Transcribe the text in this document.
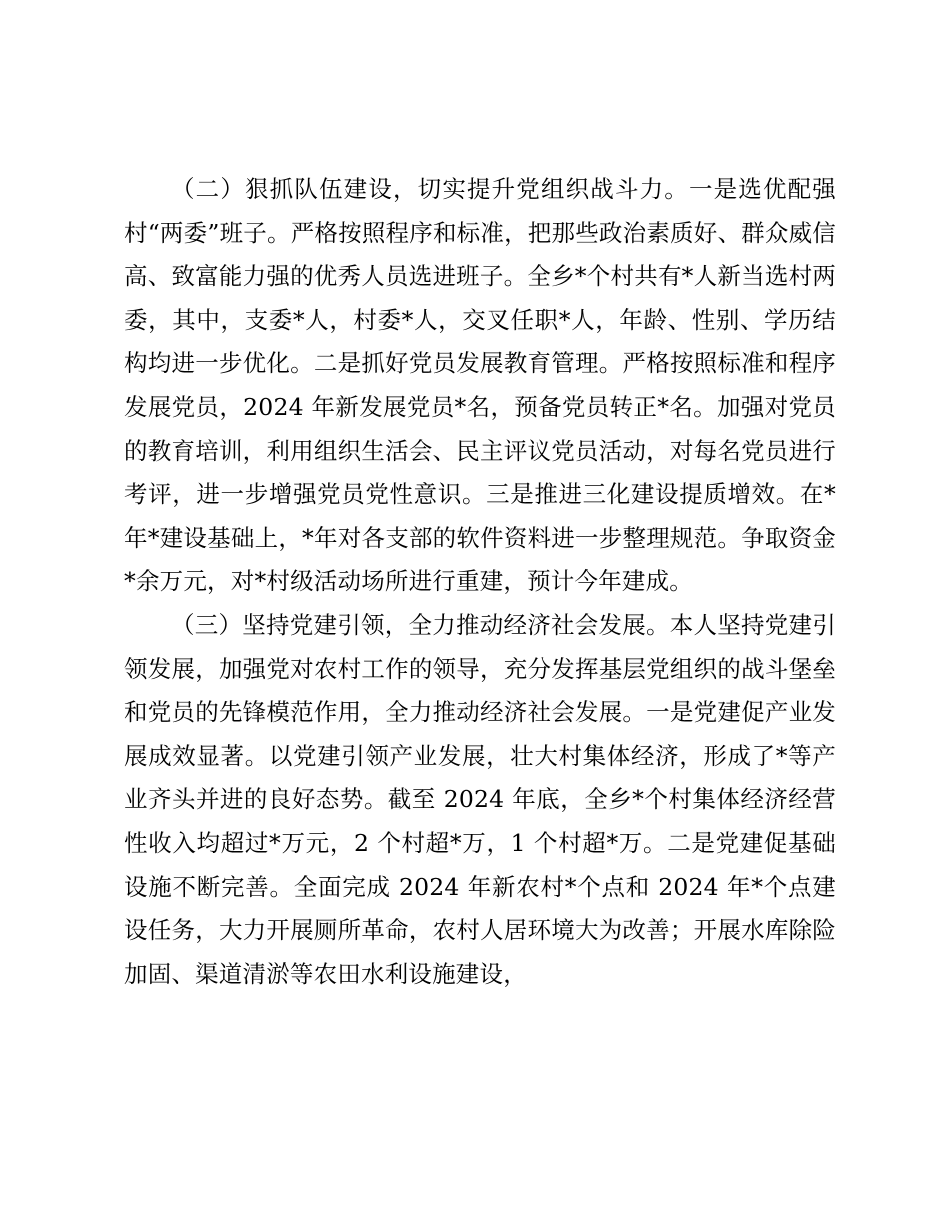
（二）狠抓队伍建设，切实提升党组织战斗力。一是选优配强村“两委”班子。严格按照程序和标准，把那些政治素质好、群众威信高、致富能力强的优秀人员选进班子。全乡*个村共有*人新当选村两委，其中，支委*人，村委*人，交叉任职*人，年龄、性别、学历结构均进一步优化。二是抓好党员发展教育管理。严格按照标准和程序发展党员，2024 年新发展党员*名，预备党员转正*名。加强对党员的教育培训，利用组织生活会、民主评议党员活动，对每名党员进行考评，进一步增强党员党性意识。三是推进三化建设提质增效。在*年*建设基础上，*年对各支部的软件资料进一步整理规范。争取资金*余万元，对*村级活动场所进行重建，预计今年建成。

（三）坚持党建引领，全力推动经济社会发展。本人坚持党建引领发展，加强党对农村工作的领导，充分发挥基层党组织的战斗堡垒和党员的先锋模范作用，全力推动经济社会发展。一是党建促产业发展成效显著。以党建引领产业发展，壮大村集体经济，形成了*等产业齐头并进的良好态势。截至 2024 年底，全乡*个村集体经济经营性收入均超过*万元，2 个村超*万，1 个村超*万。二是党建促基础设施不断完善。全面完成 2024 年新农村*个点和 2024 年*个点建设任务，大力开展厕所革命，农村人居环境大为改善；开展水库除险加固、渠道清淤等农田水利设施建设，
